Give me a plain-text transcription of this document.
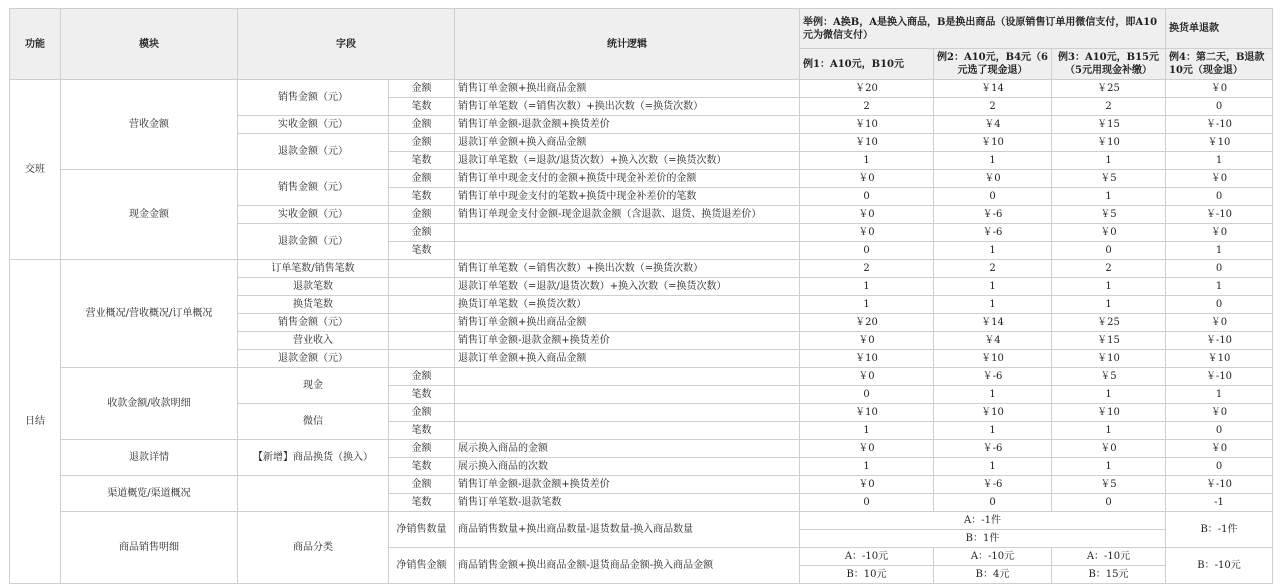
功能	模块	字段		统计逻辑	举例：A换B，A是换入商品，B是换出商品（设原销售订单用微信支付，即A10元为微信支付）			换货单退款
					例1：A10元，B10元	例2：A10元，B4元（6元选了现金退）	例3：A10元，B15元（5元用现金补缴）	例4：第二天，B退款10元（现金退）
交班	营收金额	销售金额（元）	金额	销售订单金额+换出商品金额	￥20	￥14	￥25	￥0
			笔数	销售订单笔数（=销售次数）+换出次数（=换货次数）	2	2	2	0
		实收金额（元）	金额	销售订单金额-退款金额+换货差价	￥10	￥4	￥15	￥-10
		退款金额（元）	金额	退款订单金额+换入商品金额	￥10	￥10	￥10	￥10
			笔数	退款订单笔数（=退款/退货次数）+换入次数（=换货次数）	1	1	1	1
	现金金额	销售金额（元）	金额	销售订单中现金支付的金额+换货中现金补差价的金额	￥0	￥0	￥5	￥0
			笔数	销售订单中现金支付的笔数+换货中现金补差价的笔数	0	0	1	0
		实收金额（元）	金额	销售订单现金支付金额-现金退款金额（含退款、退货、换货退差价）	￥0	￥-6	￥5	￥-10
		退款金额（元）	金额		￥0	￥-6	￥0	￥0
			笔数		0	1	0	1
日结	营业概况/营收概况/订单概况	订单笔数/销售笔数		销售订单笔数（=销售次数）+换出次数（=换货次数）	2	2	2	0
		退款笔数		退款订单笔数（=退款/退货次数）+换入次数（=换货次数）	1	1	1	1
		换货笔数		换货订单笔数（=换货次数）	1	1	1	0
		销售金额（元）		销售订单金额+换出商品金额	￥20	￥14	￥25	￥0
		营业收入		销售订单金额-退款金额+换货差价	￥0	￥4	￥15	￥-10
		退款金额（元）		退款订单金额+换入商品金额	￥10	￥10	￥10	￥10
	收款金额/收款明细	现金	金额		￥0	￥-6	￥5	￥-10
			笔数		0	1	1	1
		微信	金额		￥10	￥10	￥10	￥0
			笔数		1	1	1	0
	退款详情	【新增】商品换货（换入）	金额	展示换入商品的金额	￥0	￥-6	￥0	￥0
			笔数	展示换入商品的次数	1	1	1	0
	渠道概览/渠道概况		金额	销售订单金额-退款金额+换货差价	￥0	￥-6	￥5	￥-10
			笔数	销售订单笔数-退款笔数	0	0	0	-1
	商品销售明细	商品分类	净销售数量	商品销售数量+换出商品数量-退货数量-换入商品数量	A：-1件			B：-1件
					B：1件			
			净销售金额	商品销售金额+换出商品金额-退货商品金额-换入商品金额	A：-10元	A：-10元	A：-10元	B：-10元
					B：10元	B：4元	B：15元	
